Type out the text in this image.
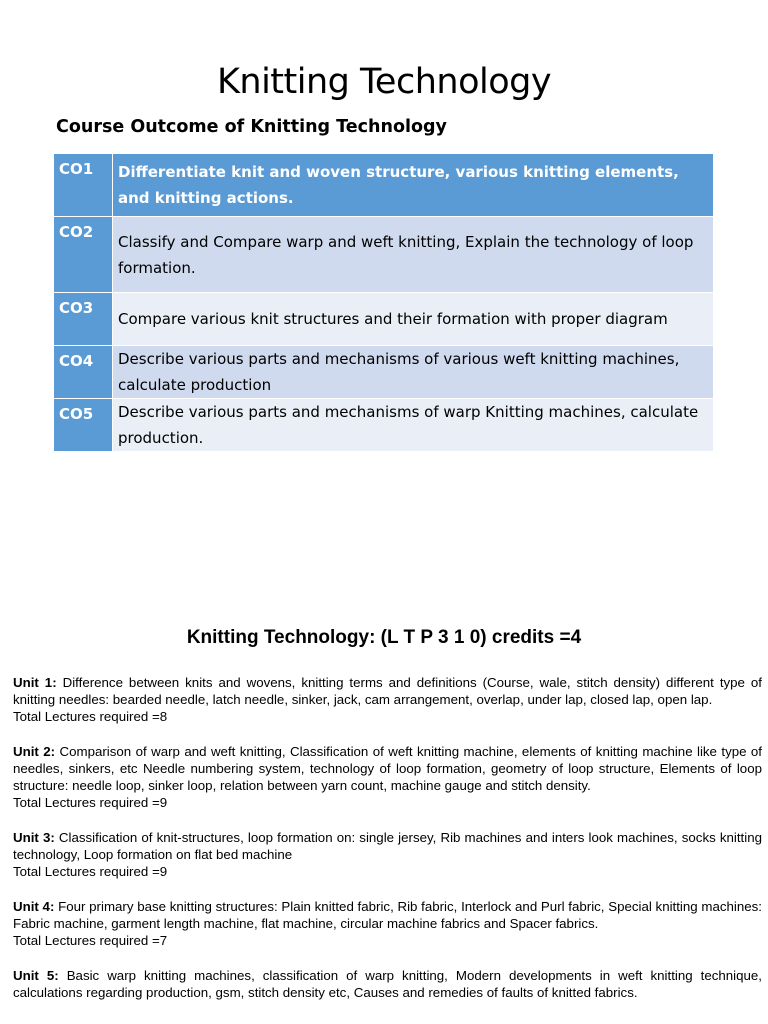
Knitting Technology
Course Outcome of Knitting Technology
CO1	Differentiate knit and woven structure, various knitting elements, and knitting actions.
CO2	Classify and Compare warp and weft knitting, Explain the technology of loop formation.
CO3	Compare various knit structures and their formation with proper diagram
CO4	Describe various parts and mechanisms of various weft knitting machines, calculate production
CO5	Describe various parts and mechanisms of warp Knitting machines, calculate production.
Knitting Technology: (L T P 3 1 0) credits =4

Unit 1: Difference between knits and wovens, knitting terms and definitions (Course, wale, stitch density) different type of knitting needles: bearded needle, latch needle, sinker, jack, cam arrangement, overlap, under lap, closed lap, open lap.
Total Lectures required =8

Unit 2: Comparison of warp and weft knitting, Classification of weft knitting machine, elements of knitting machine like type of needles, sinkers, etc Needle numbering system, technology of loop formation, geometry of loop structure, Elements of loop structure: needle loop, sinker loop, relation between yarn count, machine gauge and stitch density.
Total Lectures required =9

Unit 3: Classification of knit-structures, loop formation on: single jersey, Rib machines and inters look machines, socks knitting technology, Loop formation on flat bed machine
Total Lectures required =9

Unit 4: Four primary base knitting structures: Plain knitted fabric, Rib fabric, Interlock and Purl fabric, Special knitting machines: Fabric machine, garment length machine, flat machine, circular machine fabrics and Spacer fabrics.
Total Lectures required =7

Unit 5: Basic warp knitting machines, classification of warp knitting, Modern developments in weft knitting technique, calculations regarding production, gsm, stitch density etc, Causes and remedies of faults of knitted fabrics.
